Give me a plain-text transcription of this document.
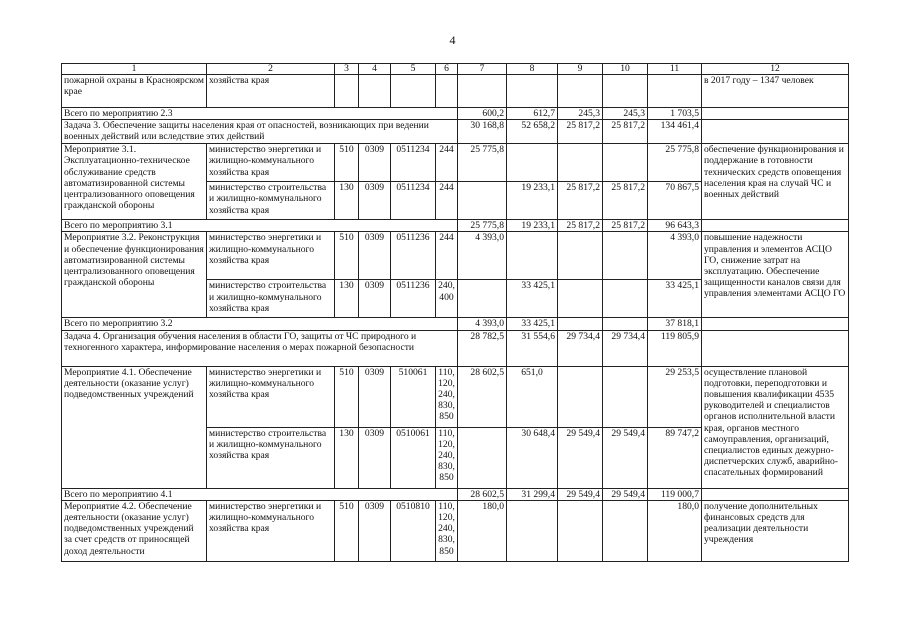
4
1	2	3	4	5	6	7	8	9	10	11	12
пожарной охраны в Красноярском крае	хозяйства края										в 2017 году – 1347 человек
Всего по мероприятию 2.3						600,2	612,7	245,3	245,3	1 703,5	
Задача 3. Обеспечение защиты населения края от опасностей, возникающих при ведении военных действий или вследствие этих действий						30 168,8	52 658,2	25 817,2	25 817,2	134 461,4	
Мероприятие 3.1. Эксплуатационно-техническое обслуживание средств автоматизированной системы централизованного оповещения гражданской обороны	министерство энергетики и жилищно-коммунального хозяйства края	510	0309	0511234	244	25 775,8				25 775,8	обеспечение функционирования и поддержание в готовности технических средств оповещения населения края на случай ЧС и военных действий
	министерство строительства и жилищно-коммунального хозяйства края	130	0309	0511234	244		19 233,1	25 817,2	25 817,2	70 867,5	
Всего по мероприятию 3.1						25 775,8	19 233,1	25 817,2	25 817,2	96 643,3	
Мероприятие 3.2. Реконструкция и обеспечение функционирования автоматизированной системы централизованного оповещения гражданской обороны	министерство энергетики и жилищно-коммунального хозяйства края	510	0309	0511236	244	4 393,0				4 393,0	повышение надежности управления и элементов АСЦО ГО, снижение затрат на эксплуатацию. Обеспечение защищенности каналов связи для управления элементами АСЦО ГО
	министерство строительства и жилищно-коммунального хозяйства края	130	0309	0511236	240, 400		33 425,1			33 425,1	
Всего по мероприятию 3.2						4 393,0	33 425,1			37 818,1	
Задача 4. Организация обучения населения в области ГО, защиты от ЧС природного и техногенного характера, информирование населения о мерах пожарной безопасности						28 782,5	31 554,6	29 734,4	29 734,4	119 805,9	
Мероприятие 4.1. Обеспечение деятельности (оказание услуг) подведомственных учреждений	министерство энергетики и жилищно-коммунального хозяйства края	510	0309	510061	110, 120, 240, 830, 850	28 602,5	651,0			29 253,5	осуществление плановой подготовки, переподготовки и повышения квалификации 4535 руководителей и специалистов органов исполнительной власти края, органов местного самоуправления, организаций, специалистов единых дежурно-диспетчерских служб, аварийно-спасательных формирований
	министерство строительства и жилищно-коммунального хозяйства края	130	0309	0510061	110, 120, 240, 830, 850		30 648,4	29 549,4	29 549,4	89 747,2	
Всего по мероприятию 4.1						28 602,5	31 299,4	29 549,4	29 549,4	119 000,7	
Мероприятие 4.2. Обеспечение деятельности (оказание услуг) подведомственных учреждений за счет средств от приносящей доход деятельности	министерство энергетики и жилищно-коммунального хозяйства края	510	0309	0510810	110, 120, 240, 830, 850	180,0				180,0	получение дополнительных финансовых средств для реализации деятельности учреждения
